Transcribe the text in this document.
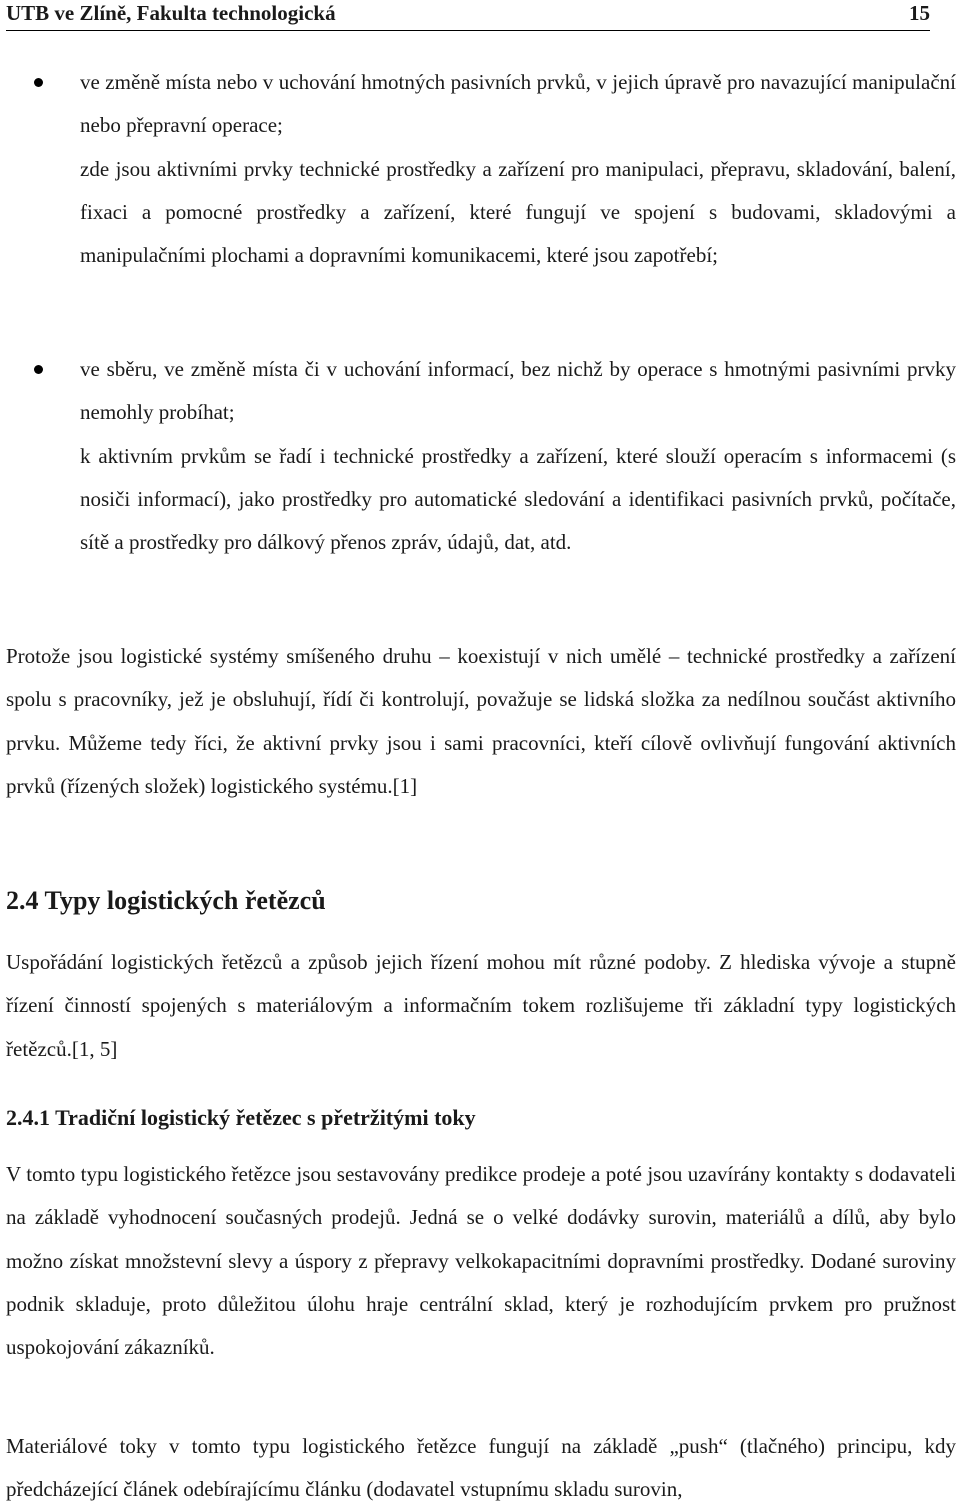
UTB ve Zlíně, Fakulta technologická	15

ve změně místa nebo v uchování hmotných pasivních prvků, v jejich úpravě pro navazující manipulační nebo přepravní operace;

zde jsou aktivními prvky technické prostředky a zařízení pro manipulaci, přepravu, skladování, balení, fixaci a pomocné prostředky a zařízení, které fungují ve spojení s budovami, skladovými a manipulačními plochami a dopravními komunikacemi, které jsou zapotřebí;

ve sběru, ve změně místa či v uchování informací, bez nichž by operace s hmotnými pasivními prvky nemohly probíhat;

k aktivním prvkům se řadí i technické prostředky a zařízení, které slouží operacím s informacemi (s nosiči informací), jako prostředky pro automatické sledování a identifikaci pasivních prvků, počítače, sítě a prostředky pro dálkový přenos zpráv, údajů, dat, atd.

Protože jsou logistické systémy smíšeného druhu – koexistují v nich umělé – technické prostředky a zařízení spolu s pracovníky, jež je obsluhují, řídí či kontrolují, považuje se lidská složka za nedílnou součást aktivního prvku. Můžeme tedy říci, že aktivní prvky jsou i sami pracovníci, kteří cílově ovlivňují fungování aktivních prvků (řízených složek) logistického systému.[1]

2.4 Typy logistických řetězců

Uspořádání logistických řetězců a způsob jejich řízení mohou mít různé podoby. Z hlediska vývoje a stupně řízení činností spojených s materiálovým a informačním tokem rozlišujeme tři základní typy logistických řetězců.[1, 5]

2.4.1 Tradiční logistický řetězec s přetržitými toky

V tomto typu logistického řetězce jsou sestavovány predikce prodeje a poté jsou uzavírány kontakty s dodavateli na základě vyhodnocení současných prodejů. Jedná se o velké dodávky surovin, materiálů a dílů, aby bylo možno získat množstevní slevy a úspory z přepravy velkokapacitními dopravními prostředky. Dodané suroviny podnik skladuje, proto důležitou úlohu hraje centrální sklad, který je rozhodujícím prvkem pro pružnost uspokojování zákazníků.

Materiálové toky v tomto typu logistického řetězce fungují na základě „push“ (tlačného) principu, kdy předcházející článek odebírajícímu článku (dodavatel vstupnímu skladu surovin,
